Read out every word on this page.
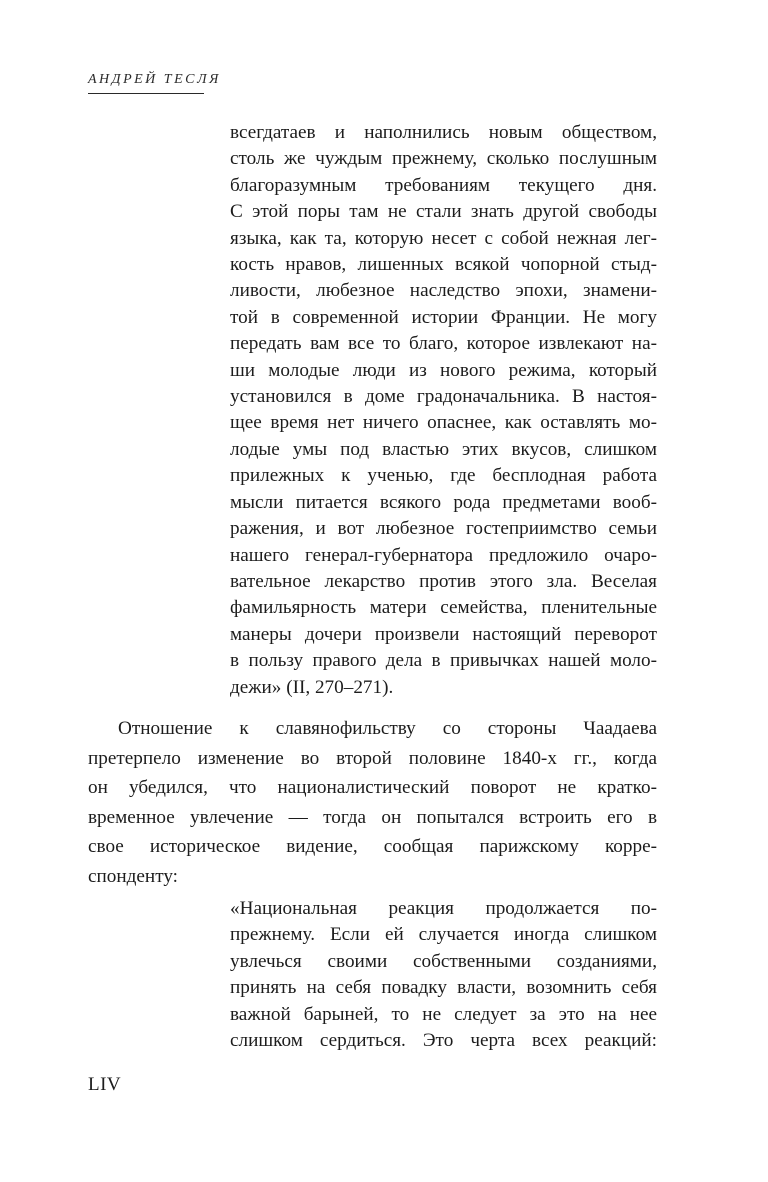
АНДРЕЙ ТЕСЛЯ
всегдатаев и наполнились новым обществом,
столь же чуждым прежнему, сколько послушным
благоразумным требованиям текущего дня.
С этой поры там не стали знать другой свободы
языка, как та, которую несет с собой нежная лег-
кость нравов, лишенных всякой чопорной стыд-
ливости, любезное наследство эпохи, знамени-
той в современной истории Франции. Не могу
передать вам все то благо, которое извлекают на-
ши молодые люди из нового режима, который
установился в доме градоначальника. В настоя-
щее время нет ничего опаснее, как оставлять мо-
лодые умы под властью этих вкусов, слишком
прилежных к ученью, где бесплодная работа
мысли питается всякого рода предметами вооб-
ражения, и вот любезное гостеприимство семьи
нашего генерал-губернатора предложило очаро-
вательное лекарство против этого зла. Веселая
фамильярность матери семейства, пленительные
манеры дочери произвели настоящий переворот
в пользу правого дела в привычках нашей моло-
дежи» (II, 270–271).
Отношение к славянофильству со стороны Чаадаева
претерпело изменение во второй половине 1840-х гг., когда
он убедился, что националистический поворот не кратко-
временное увлечение — тогда он попытался встроить его в
свое историческое видение, сообщая парижскому корре-
спонденту:
«Национальная реакция продолжается по-
прежнему. Если ей случается иногда слишком
увлечься своими собственными созданиями,
принять на себя повадку власти, возомнить себя
важной барыней, то не следует за это на нее
слишком сердиться. Это черта всех реакций:
LIV
